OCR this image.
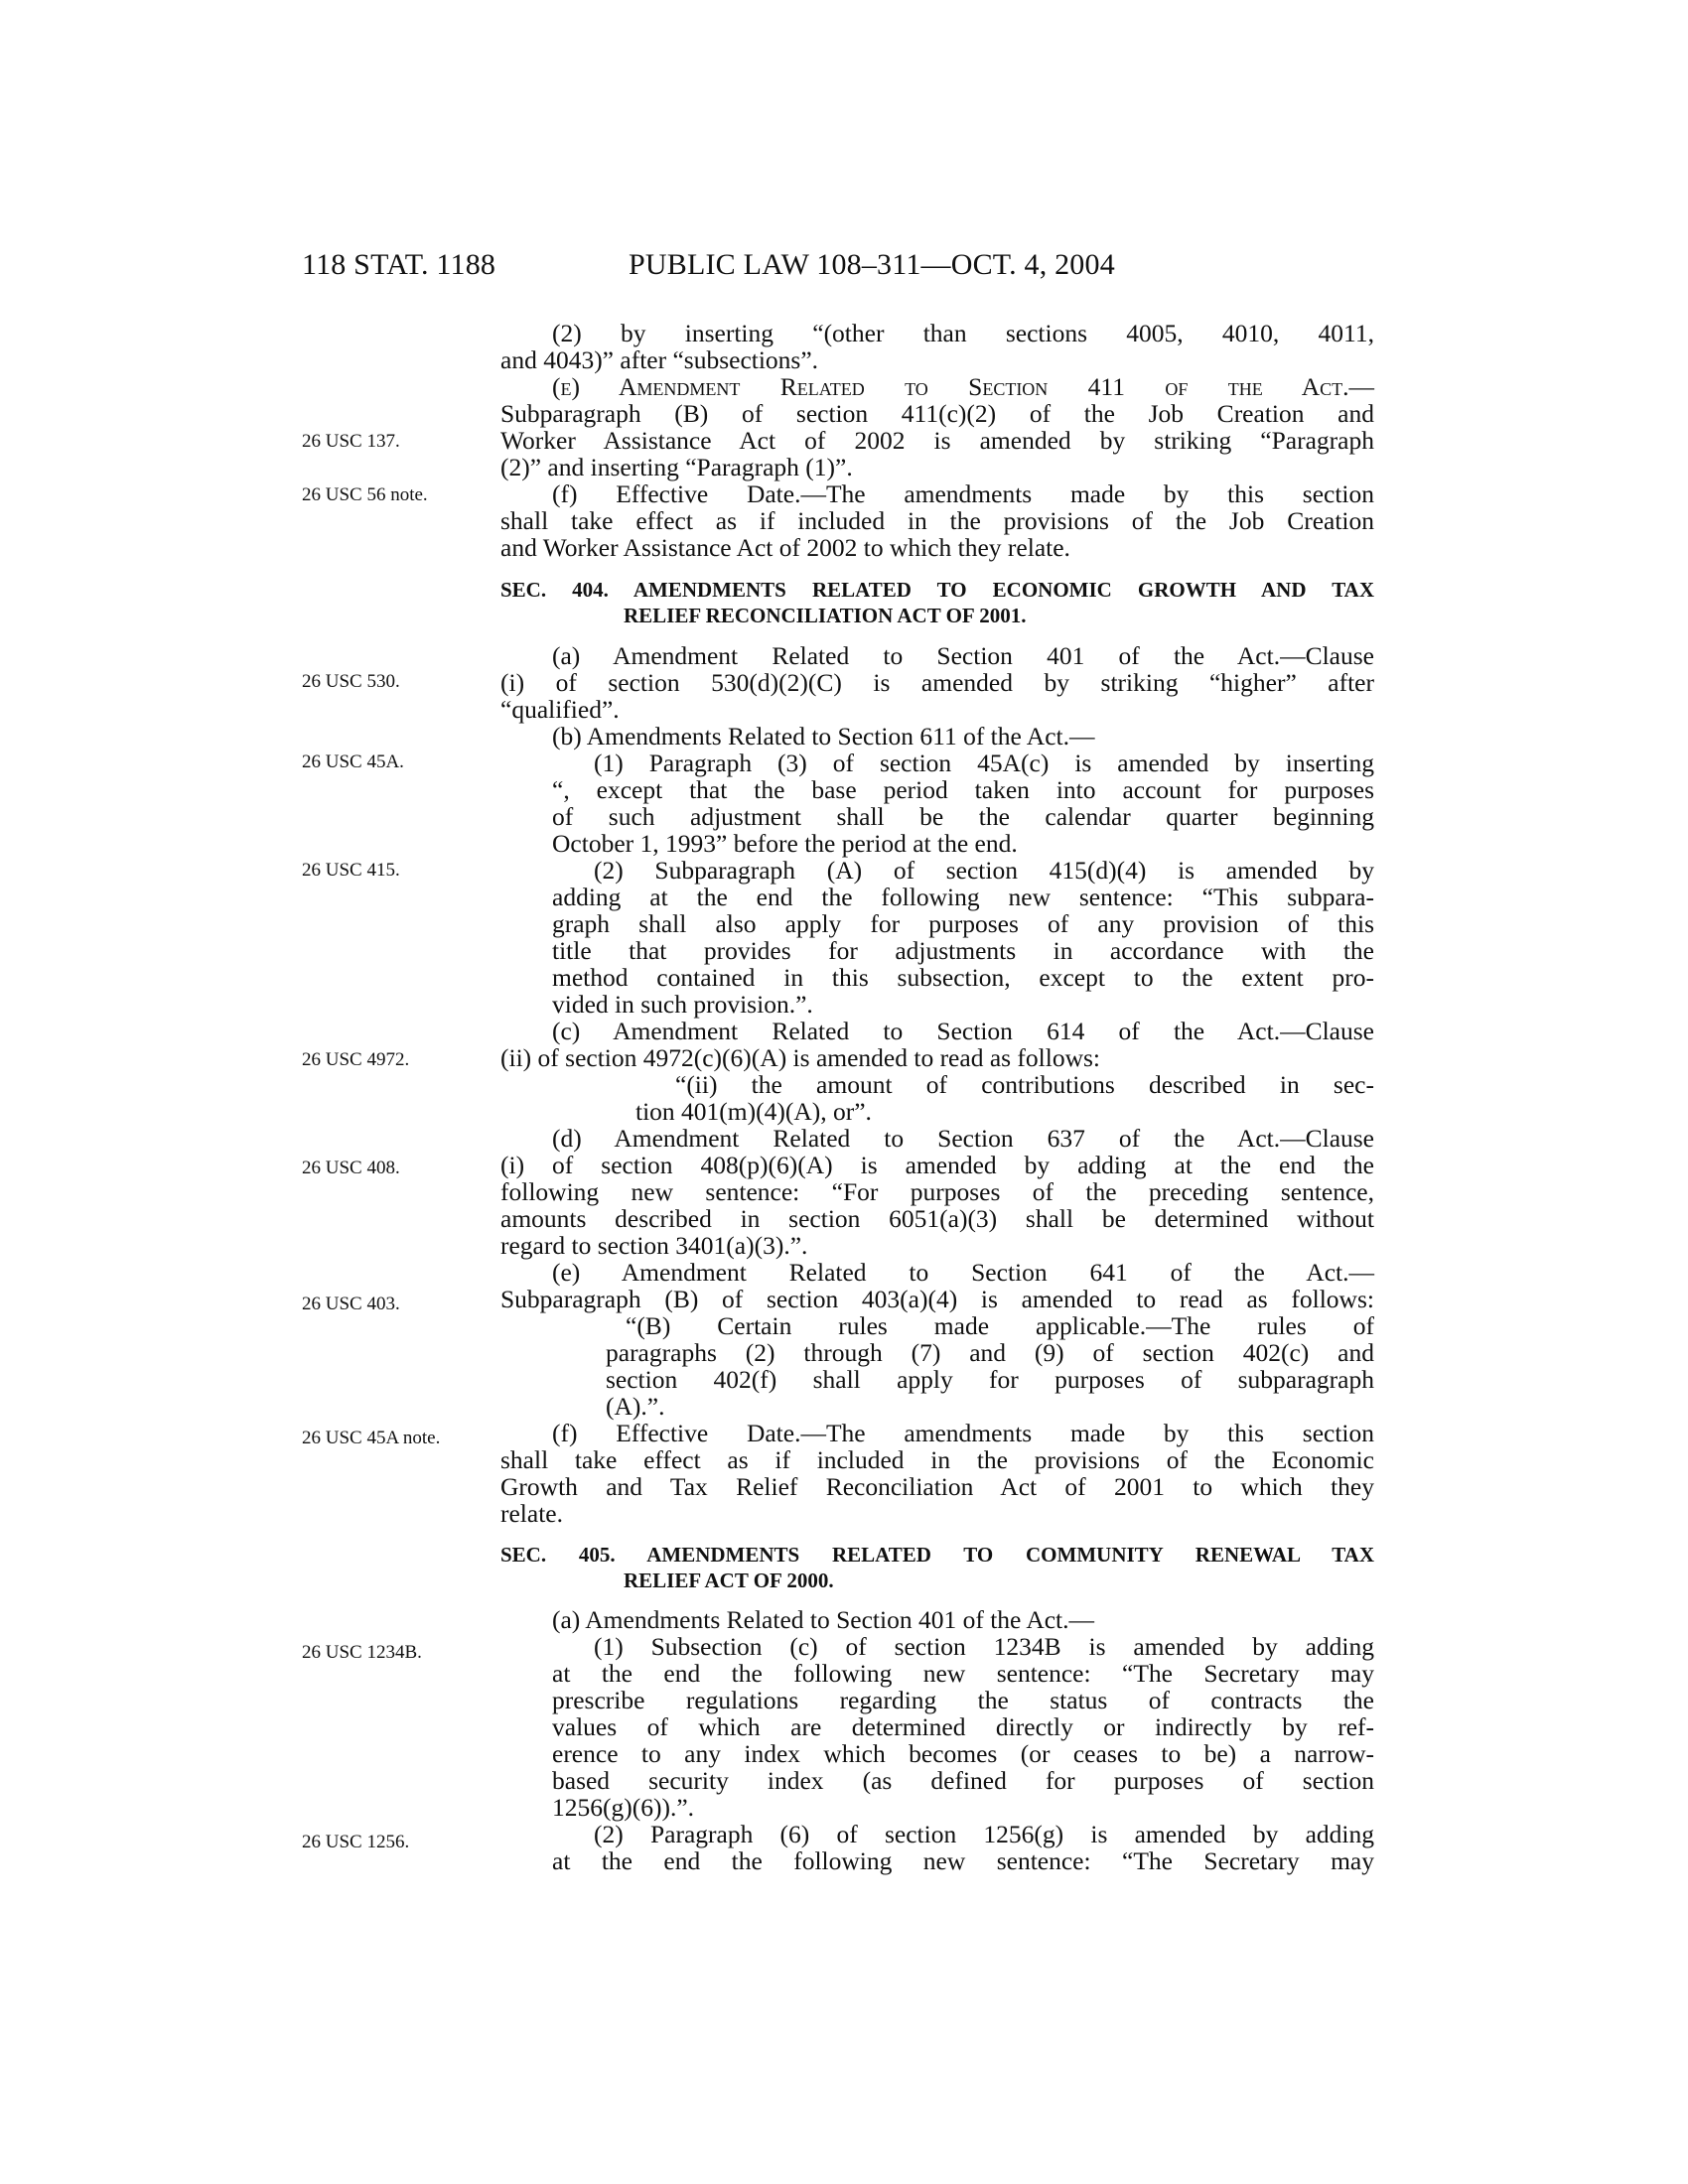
118 STAT. 1188	PUBLIC LAW 108–311—OCT. 4, 2004
26 USC 137.
26 USC 56 note.
26 USC 530.
26 USC 45A.
26 USC 415.
26 USC 4972.
26 USC 408.
26 USC 403.
26 USC 45A note.
26 USC 1234B.
26 USC 1256.
SEC. 404. AMENDMENTS RELATED TO ECONOMIC GROWTH AND TAX
RELIEF RECONCILIATION ACT OF 2001.
SEC. 405. AMENDMENTS RELATED TO COMMUNITY RENEWAL TAX
RELIEF ACT OF 2000.
(2) by inserting “(other than sections 4005, 4010, 4011,
and 4043)” after “subsections”.
(e) Amendment Related to Section 411 of the Act.—
Subparagraph (B) of section 411(c)(2) of the Job Creation and
Worker Assistance Act of 2002 is amended by striking “Paragraph
(2)” and inserting “Paragraph (1)”.
(f) Effective Date.—The amendments made by this section
shall take effect as if included in the provisions of the Job Creation
and Worker Assistance Act of 2002 to which they relate.
(a) Amendment Related to Section 401 of the Act.—Clause
(i) of section 530(d)(2)(C) is amended by striking “higher” after
“qualified”.
(b) Amendments Related to Section 611 of the Act.—
(1) Paragraph (3) of section 45A(c) is amended by inserting
“, except that the base period taken into account for purposes
of such adjustment shall be the calendar quarter beginning
October 1, 1993” before the period at the end.
(2) Subparagraph (A) of section 415(d)(4) is amended by
adding at the end the following new sentence: “This subpara-
graph shall also apply for purposes of any provision of this
title that provides for adjustments in accordance with the
method contained in this subsection, except to the extent pro-
vided in such provision.”.
(c) Amendment Related to Section 614 of the Act.—Clause
(ii) of section 4972(c)(6)(A) is amended to read as follows:
“(ii) the amount of contributions described in sec-
tion 401(m)(4)(A), or”.
(d) Amendment Related to Section 637 of the Act.—Clause
(i) of section 408(p)(6)(A) is amended by adding at the end the
following new sentence: “For purposes of the preceding sentence,
amounts described in section 6051(a)(3) shall be determined without
regard to section 3401(a)(3).”.
(e) Amendment Related to Section 641 of the Act.—
Subparagraph (B) of section 403(a)(4) is amended to read as follows:
“(B) Certain rules made applicable.—The rules of
paragraphs (2) through (7) and (9) of section 402(c) and
section 402(f) shall apply for purposes of subparagraph
(A).”.
(f) Effective Date.—The amendments made by this section
shall take effect as if included in the provisions of the Economic
Growth and Tax Relief Reconciliation Act of 2001 to which they
relate.
(a) Amendments Related to Section 401 of the Act.—
(1) Subsection (c) of section 1234B is amended by adding
at the end the following new sentence: “The Secretary may
prescribe regulations regarding the status of contracts the
values of which are determined directly or indirectly by ref-
erence to any index which becomes (or ceases to be) a narrow-
based security index (as defined for purposes of section
1256(g)(6)).”.
(2) Paragraph (6) of section 1256(g) is amended by adding
at the end the following new sentence: “The Secretary may
